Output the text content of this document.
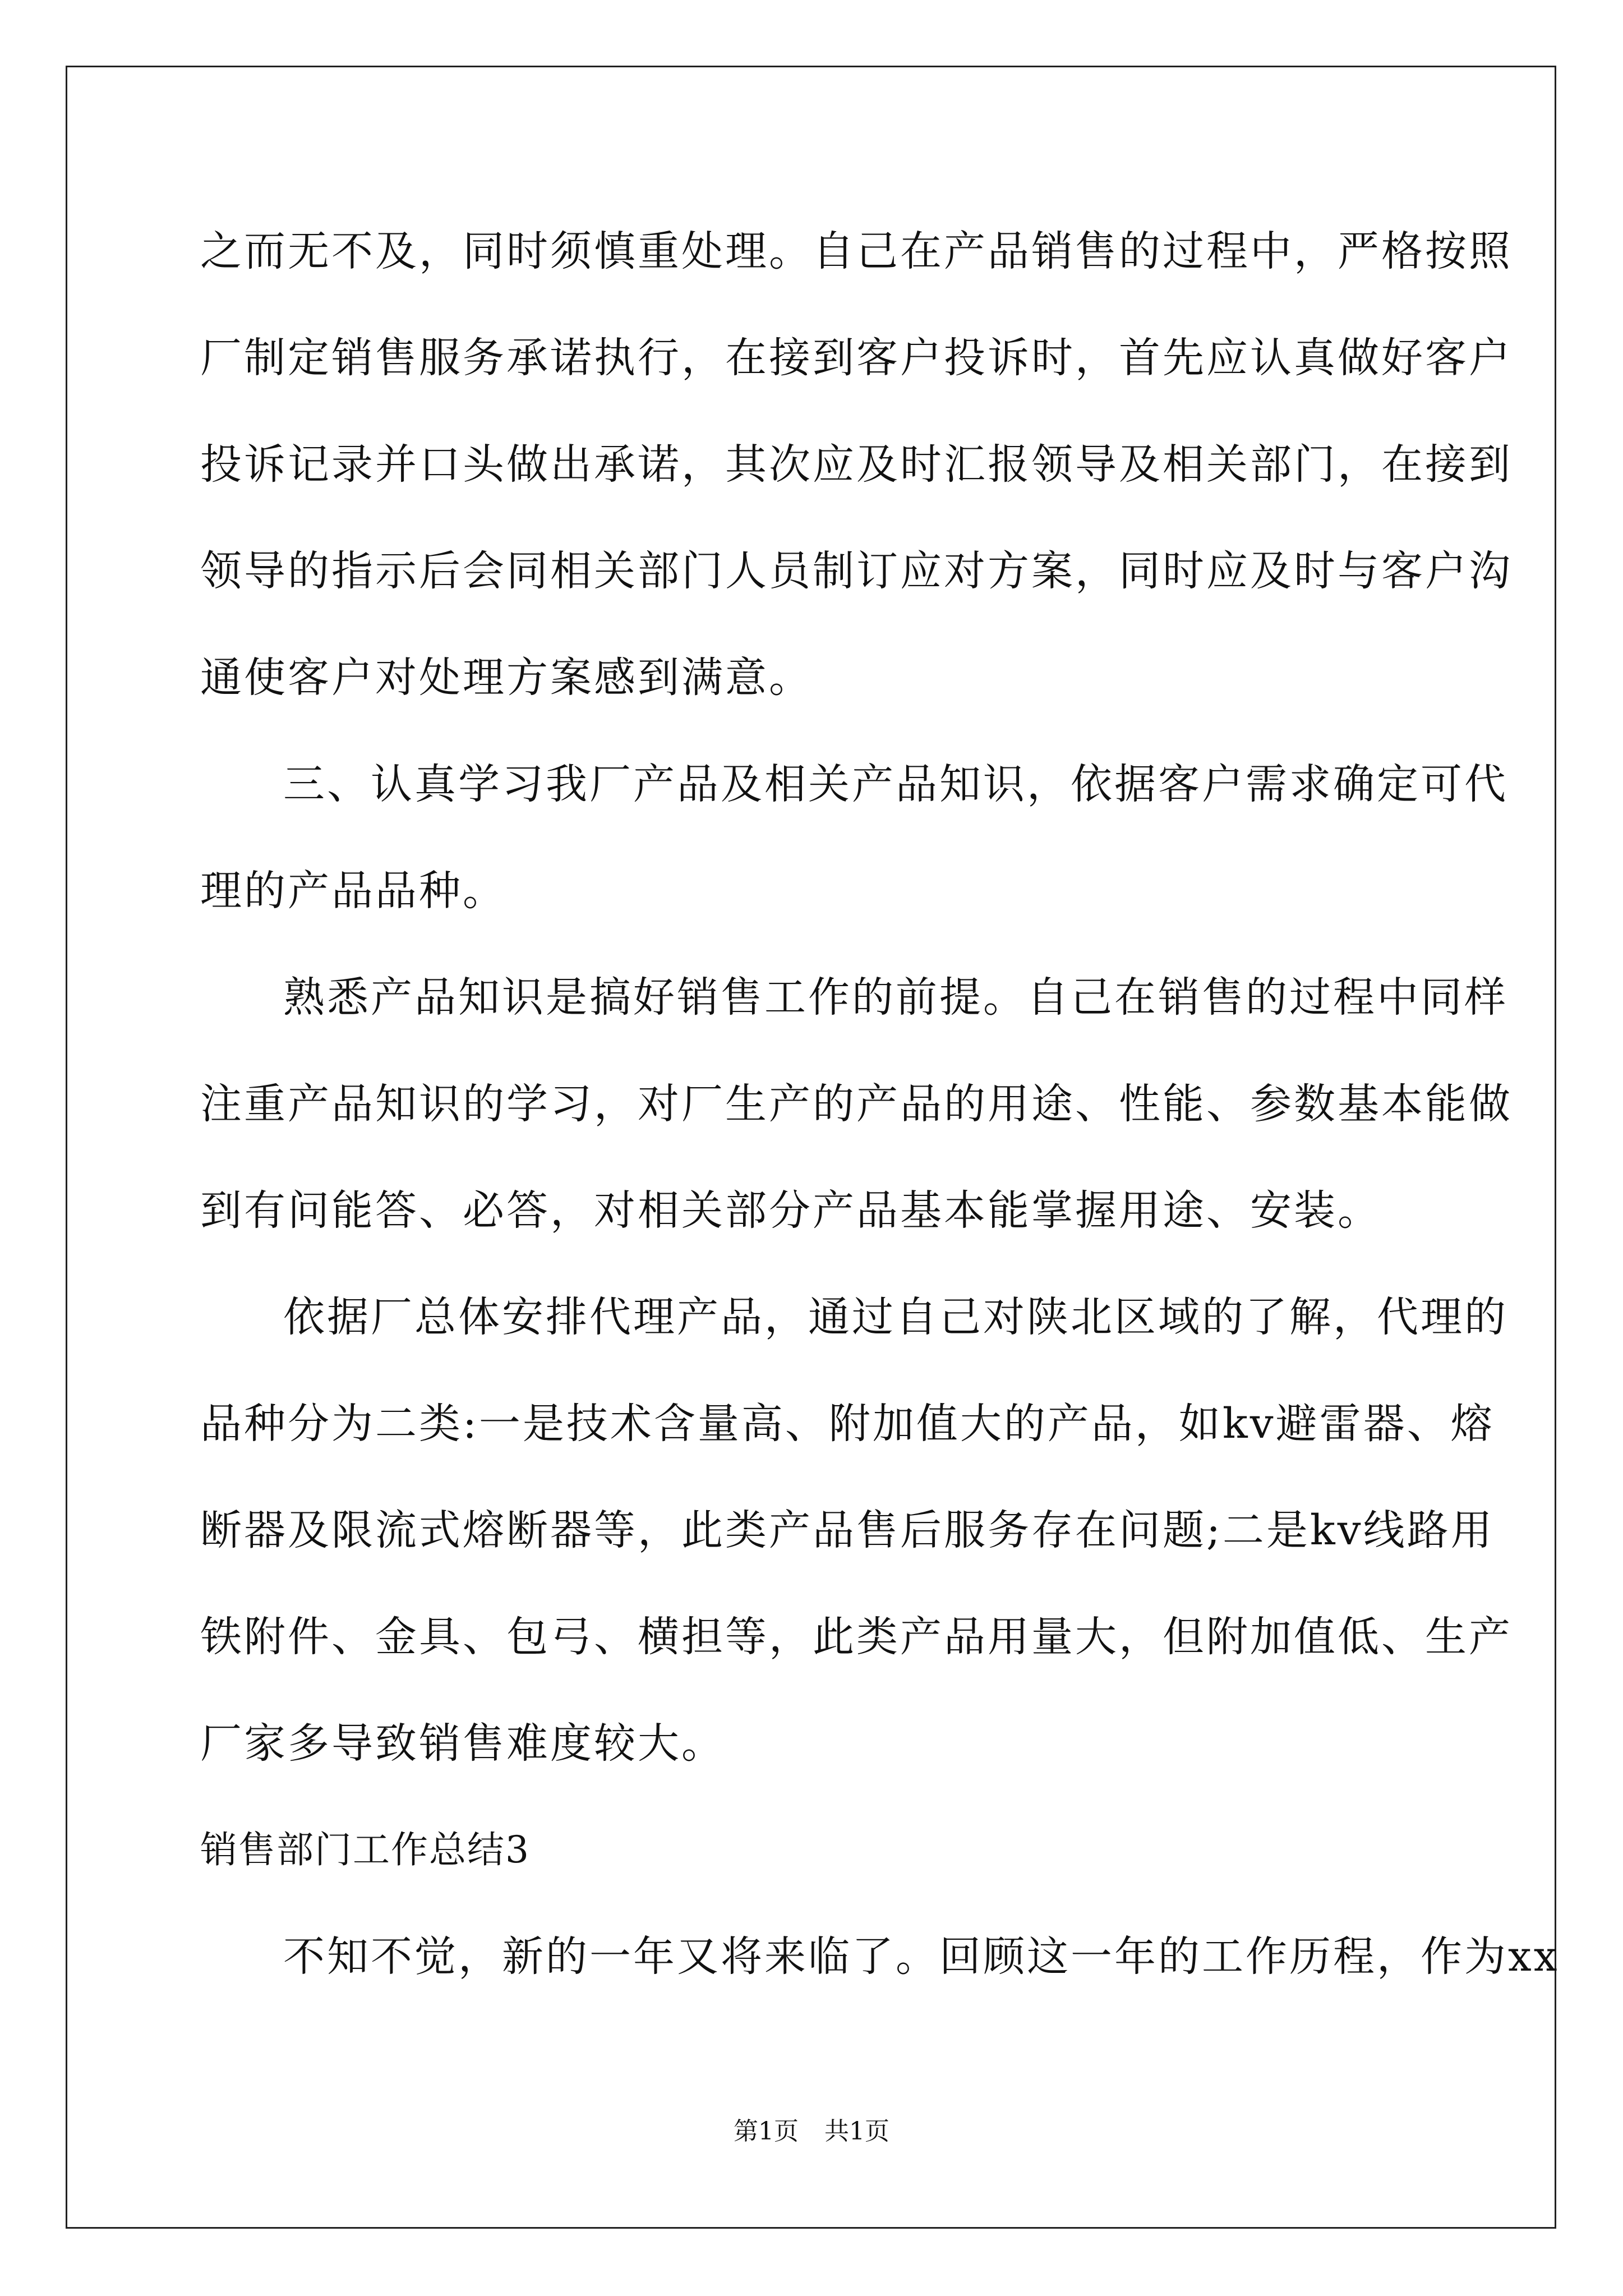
之而无不及，同时须慎重处理。自己在产品销售的过程中，严格按照
厂制定销售服务承诺执行，在接到客户投诉时，首先应认真做好客户
投诉记录并口头做出承诺，其次应及时汇报领导及相关部门，在接到
领导的指示后会同相关部门人员制订应对方案，同时应及时与客户沟
通使客户对处理方案感到满意。
三、认真学习我厂产品及相关产品知识，依据客户需求确定可代
理的产品品种。
熟悉产品知识是搞好销售工作的前提。自己在销售的过程中同样
注重产品知识的学习，对厂生产的产品的用途、性能、参数基本能做
到有问能答、必答，对相关部分产品基本能掌握用途、安装。
依据厂总体安排代理产品，通过自己对陕北区域的了解，代理的
品种分为二类:一是技术含量高、附加值大的产品，如kv避雷器、熔
断器及限流式熔断器等，此类产品售后服务存在问题;二是kv线路用
铁附件、金具、包弓、横担等，此类产品用量大，但附加值低、生产
厂家多导致销售难度较大。
销售部门工作总结3
不知不觉，新的一年又将来临了。回顾这一年的工作历程，作为xx
第1页 共1页
